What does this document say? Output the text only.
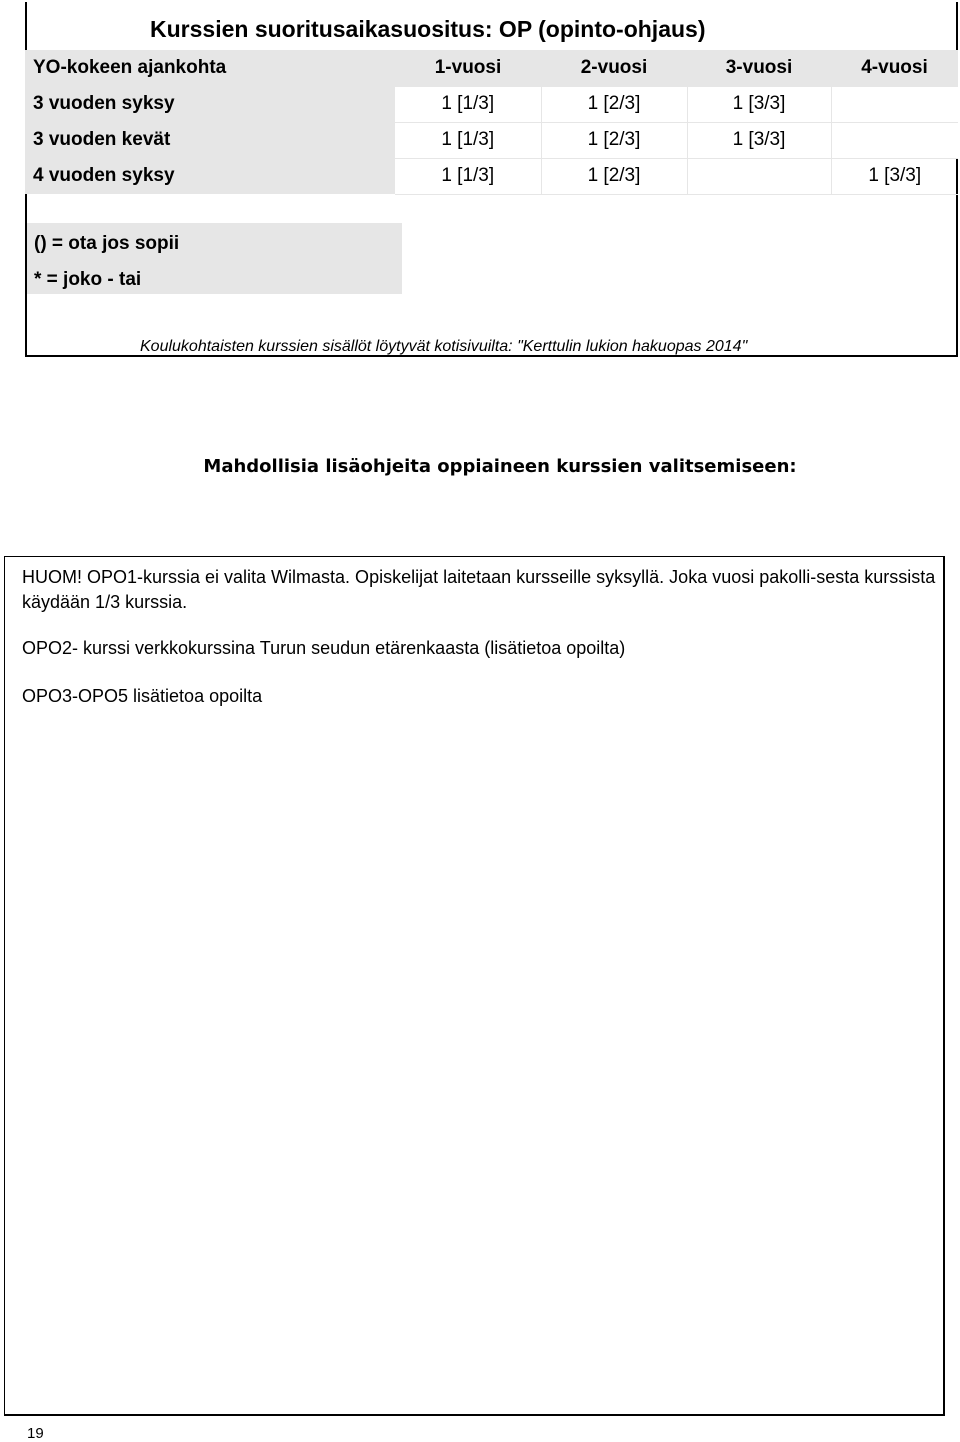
Kurssien suoritusaikasuositus: OP (opinto-ohjaus)
YO-kokeen ajankohta	1-vuosi	2-vuosi	3-vuosi	4-vuosi
3 vuoden syksy	1 [1/3]	1 [2/3]	1 [3/3]	
3 vuoden kevät	1 [1/3]	1 [2/3]	1 [3/3]	
4 vuoden syksy	1 [1/3]	1 [2/3]		1 [3/3]
() = ota jos sopii
* = joko - tai
Koulukohtaisten kurssien sisällöt löytyvät kotisivuilta: "Kerttulin lukion hakuopas 2014"
Mahdollisia lisäohjeita oppiaineen kurssien valitsemiseen:
HUOM! OPO1-kurssia ei valita Wilmasta. Opiskelijat laitetaan kursseille syksyllä. Joka vuosi pakolli-sesta kurssista käydään 1/3 kurssia.
OPO2- kurssi verkkokurssina Turun seudun etärenkaasta (lisätietoa opoilta)
OPO3-OPO5 lisätietoa opoilta
19
